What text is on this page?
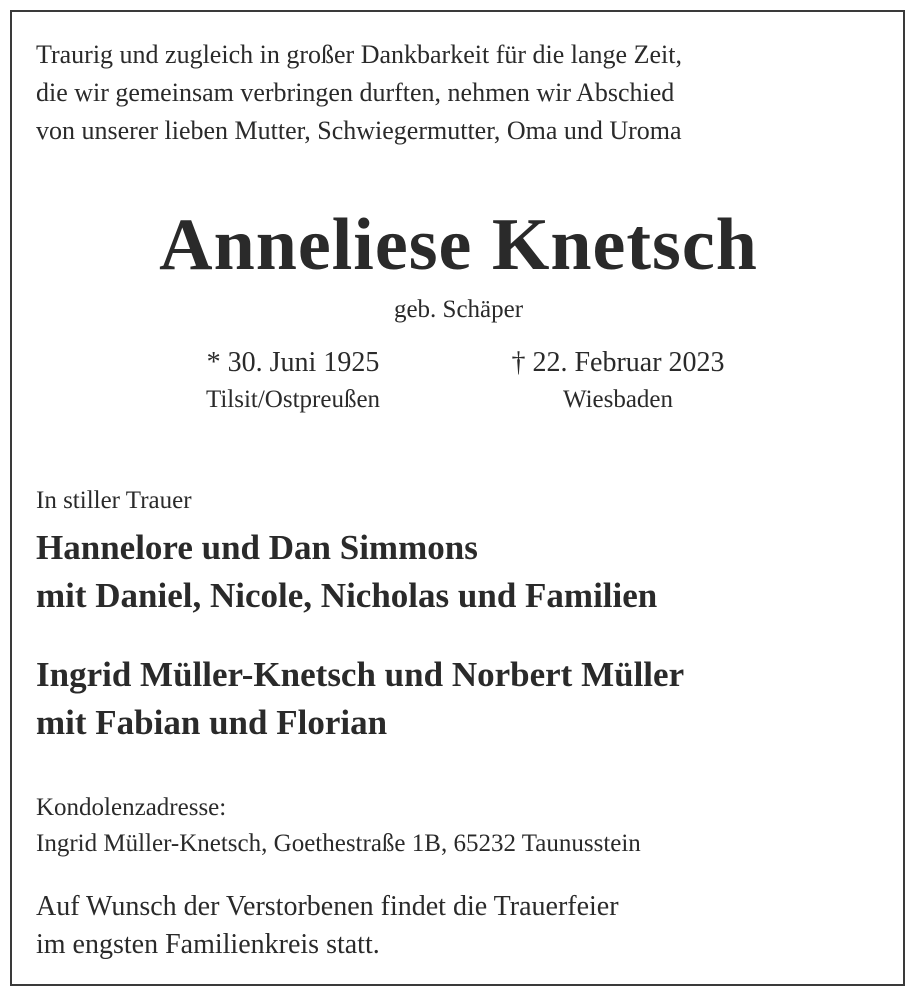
Traurig und zugleich in großer Dankbarkeit für die lange Zeit,
die wir gemeinsam verbringen durften, nehmen wir Abschied
von unserer lieben Mutter, Schwiegermutter, Oma und Uroma
Anneliese Knetsch
geb. Schäper
* 30. Juni 1925
Tilsit/Ostpreußen
† 22. Februar 2023
Wiesbaden
In stiller Trauer
Hannelore und Dan Simmons
mit Daniel, Nicole, Nicholas und Familien
Ingrid Müller-Knetsch und Norbert Müller
mit Fabian und Florian
Kondolenzadresse:
Ingrid Müller-Knetsch, Goethestraße 1B, 65232 Taunusstein
Auf Wunsch der Verstorbenen findet die Trauerfeier
im engsten Familienkreis statt.
